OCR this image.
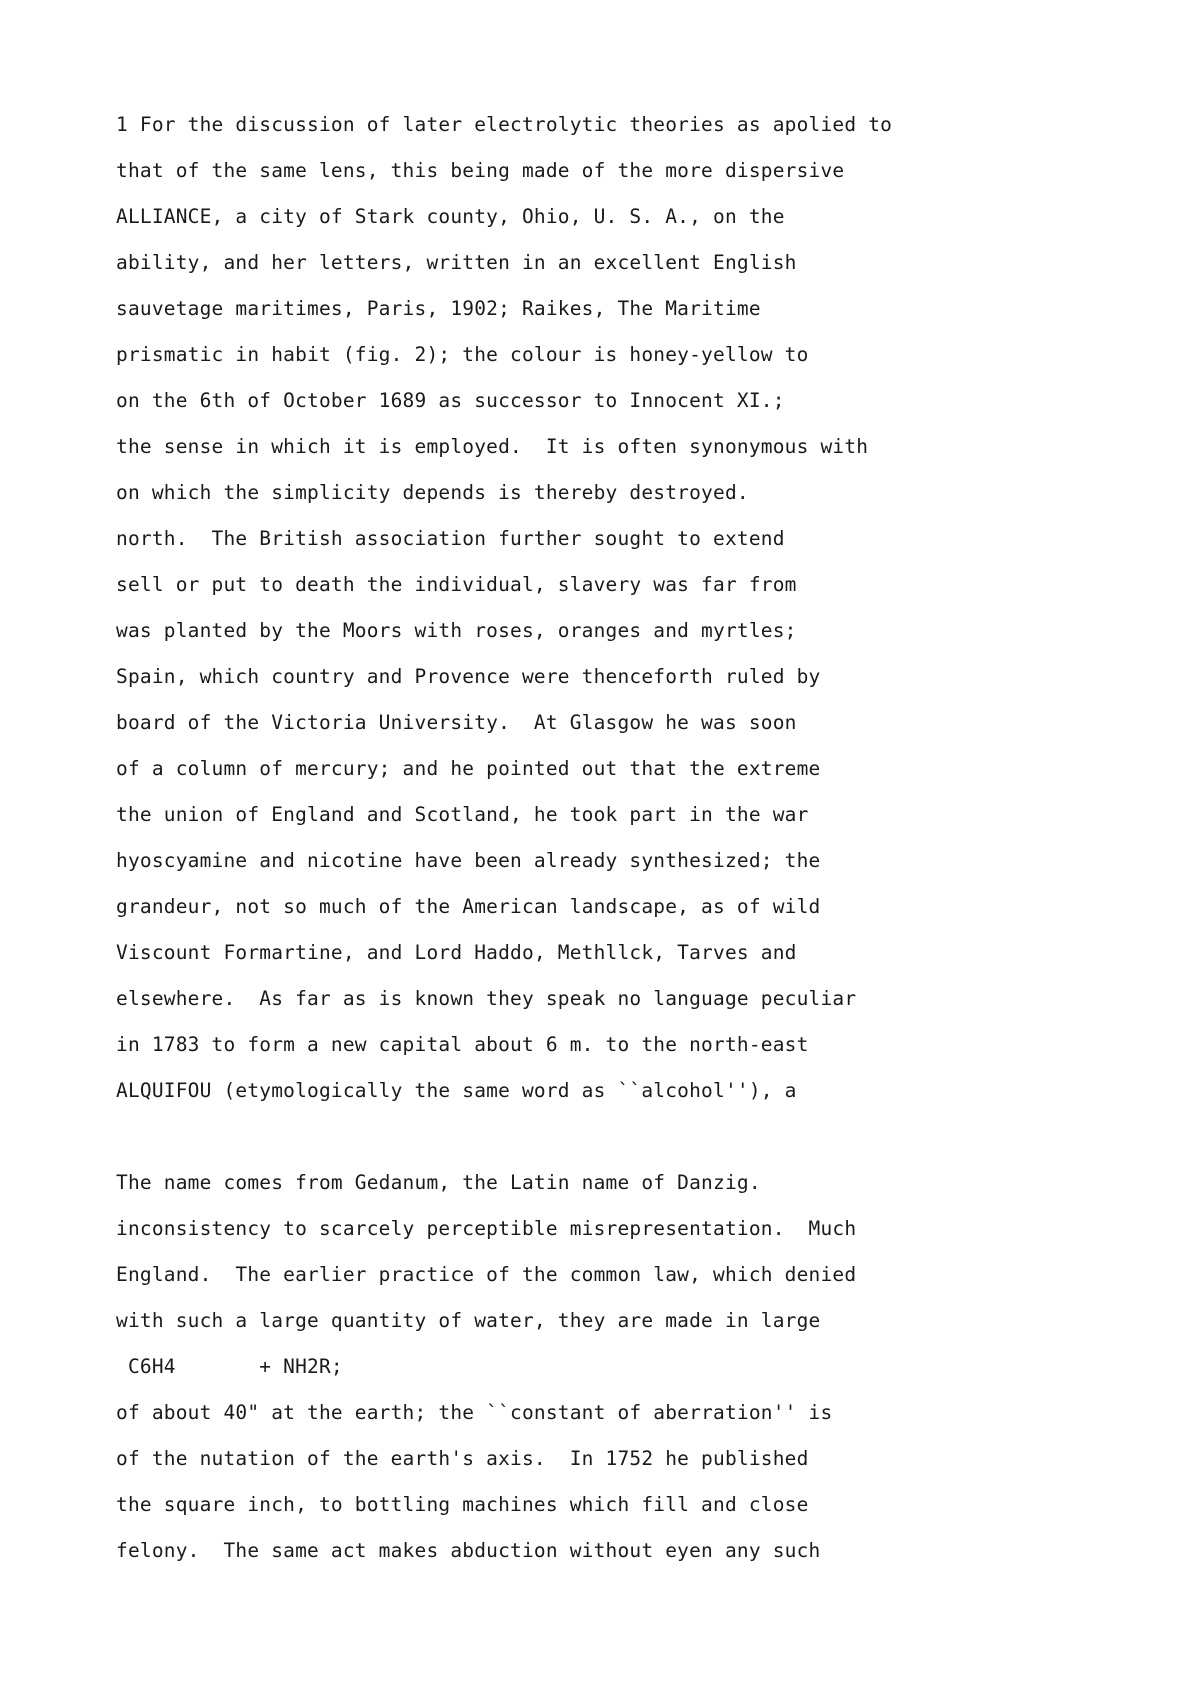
1 For the discussion of later electrolytic theories as apolied to
that of the same lens, this being made of the more dispersive
ALLIANCE, a city of Stark county, Ohio, U. S. A., on the
ability, and her letters, written in an excellent English
sauvetage maritimes, Paris, 1902; Raikes, The Maritime
prismatic in habit (fig. 2); the colour is honey-yellow to
on the 6th of October 1689 as successor to Innocent XI.;
the sense in which it is employed.  It is often synonymous with
on which the simplicity depends is thereby destroyed.
north.  The British association further sought to extend
sell or put to death the individual, slavery was far from
was planted by the Moors with roses, oranges and myrtles;
Spain, which country and Provence were thenceforth ruled by
board of the Victoria University.  At Glasgow he was soon
of a column of mercury; and he pointed out that the extreme
the union of England and Scotland, he took part in the war
hyoscyamine and nicotine have been already synthesized; the
grandeur, not so much of the American landscape, as of wild
Viscount Formartine, and Lord Haddo, Methllck, Tarves and
elsewhere.  As far as is known they speak no language peculiar
in 1783 to form a new capital about 6 m. to the north-east
ALQUIFOU (etymologically the same word as ``alcohol''), a
The name comes from Gedanum, the Latin name of Danzig.
inconsistency to scarcely perceptible misrepresentation.  Much
England.  The earlier practice of the common law, which denied
with such a large quantity of water, they are made in large
C6H4       + NH2R;
of about 40" at the earth; the ``constant of aberration'' is
of the nutation of the earth's axis.  In 1752 he published
the square inch, to bottling machines which fill and close
felony.  The same act makes abduction without eyen any such
